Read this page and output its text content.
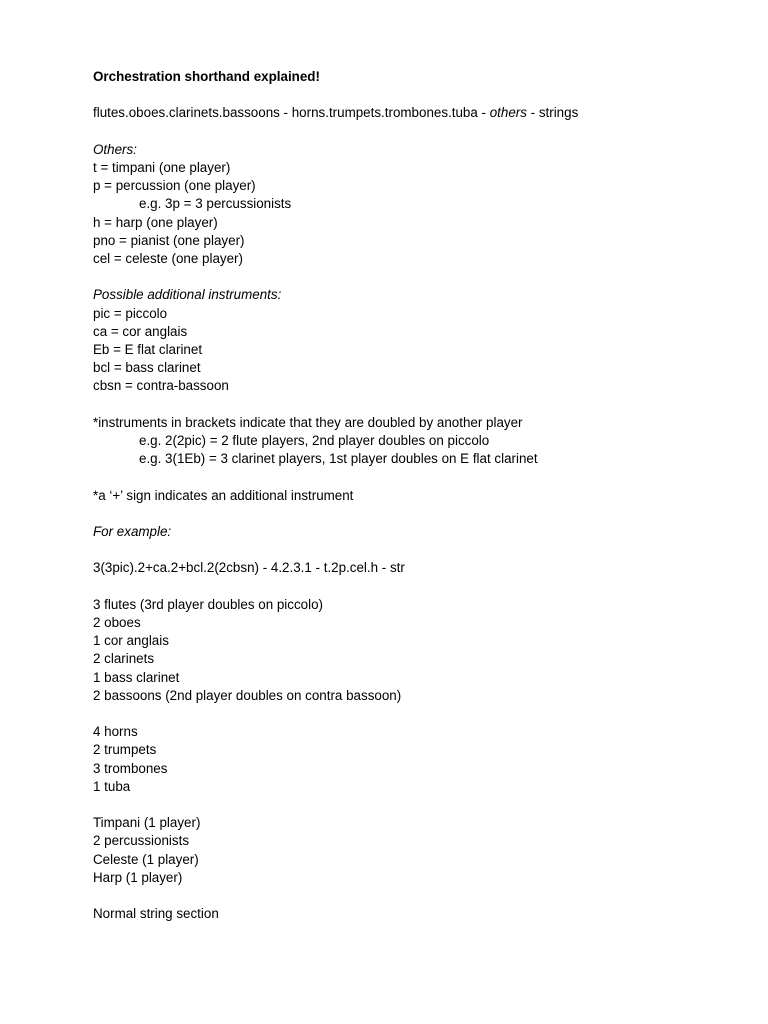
Orchestration shorthand explained!
flutes.oboes.clarinets.bassoons - horns.trumpets.trombones.tuba - others - strings
Others:
t = timpani (one player)
p = percussion (one player)
e.g. 3p = 3 percussionists
h = harp (one player)
pno = pianist (one player)
cel = celeste (one player)
Possible additional instruments:
pic = piccolo
ca = cor anglais
Eb = E flat clarinet
bcl = bass clarinet
cbsn = contra-bassoon
*instruments in brackets indicate that they are doubled by another player
e.g. 2(2pic) = 2 flute players, 2nd player doubles on piccolo
e.g. 3(1Eb) = 3 clarinet players, 1st player doubles on E flat clarinet
*a ‘+’ sign indicates an additional instrument
For example:
3(3pic).2+ca.2+bcl.2(2cbsn) - 4.2.3.1 - t.2p.cel.h - str
3 flutes (3rd player doubles on piccolo)
2 oboes
1 cor anglais
2 clarinets
1 bass clarinet
2 bassoons (2nd player doubles on contra bassoon)
4 horns
2 trumpets
3 trombones
1 tuba
Timpani (1 player)
2 percussionists
Celeste (1 player)
Harp (1 player)
Normal string section
